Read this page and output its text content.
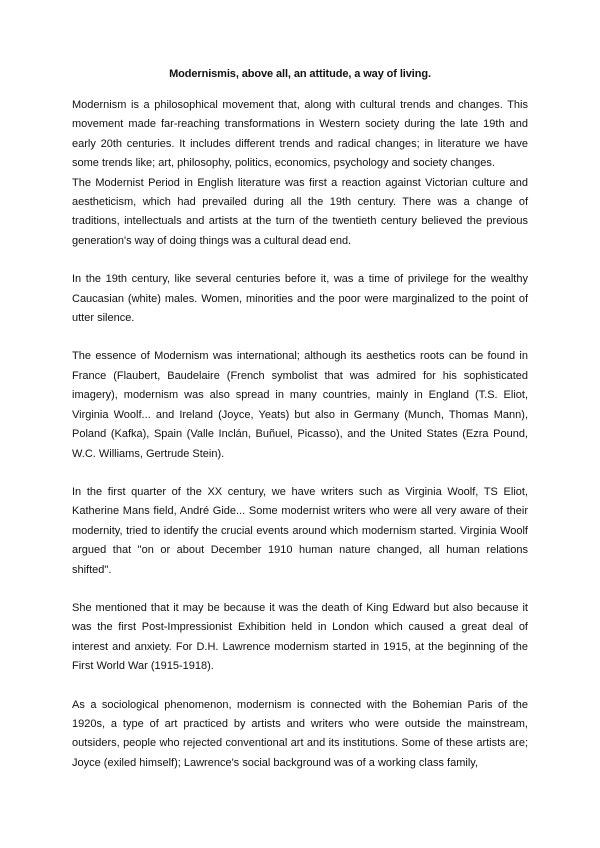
Modernismis, above all, an attitude, a way of living.

Modernism is a philosophical movement that, along with cultural trends and changes. This movement made far-reaching transformations in Western society during the late 19th and early 20th centuries. It includes different trends and radical changes; in literature we have some trends like; art, philosophy, politics, economics, psychology and society changes.

The Modernist Period in English literature was first a reaction against Victorian culture and aestheticism, which had prevailed during all the 19th century. There was a change of traditions, intellectuals and artists at the turn of the twentieth century believed the previous generation's way of doing things was a cultural dead end.

In the 19th century, like several centuries before it, was a time of privilege for the wealthy Caucasian (white) males. Women, minorities and the poor were marginalized to the point of utter silence.

The essence of Modernism was international; although its aesthetics roots can be found in France (Flaubert, Baudelaire (French symbolist that was admired for his sophisticated imagery), modernism was also spread in many countries, mainly in England (T.S. Eliot, Virginia Woolf... and Ireland (Joyce, Yeats) but also in Germany (Munch, Thomas Mann), Poland (Kafka), Spain (Valle Inclán, Buñuel, Picasso), and the United States (Ezra Pound, W.C. Williams, Gertrude Stein).

In the first quarter of the XX century, we have writers such as Virginia Woolf, TS Eliot, Katherine Mans field, André Gide... Some modernist writers who were all very aware of their modernity, tried to identify the crucial events around which modernism started. Virginia Woolf argued that "on or about December 1910 human nature changed, all human relations shifted".

She mentioned that it may be because it was the death of King Edward but also because it was the first Post-Impressionist Exhibition held in London which caused a great deal of interest and anxiety. For D.H. Lawrence modernism started in 1915, at the beginning of the First World War (1915-1918).

As a sociological phenomenon, modernism is connected with the Bohemian Paris of the 1920s, a type of art practiced by artists and writers who were outside the mainstream, outsiders, people who rejected conventional art and its institutions. Some of these artists are; Joyce (exiled himself); Lawrence's social background was of a working class family,
